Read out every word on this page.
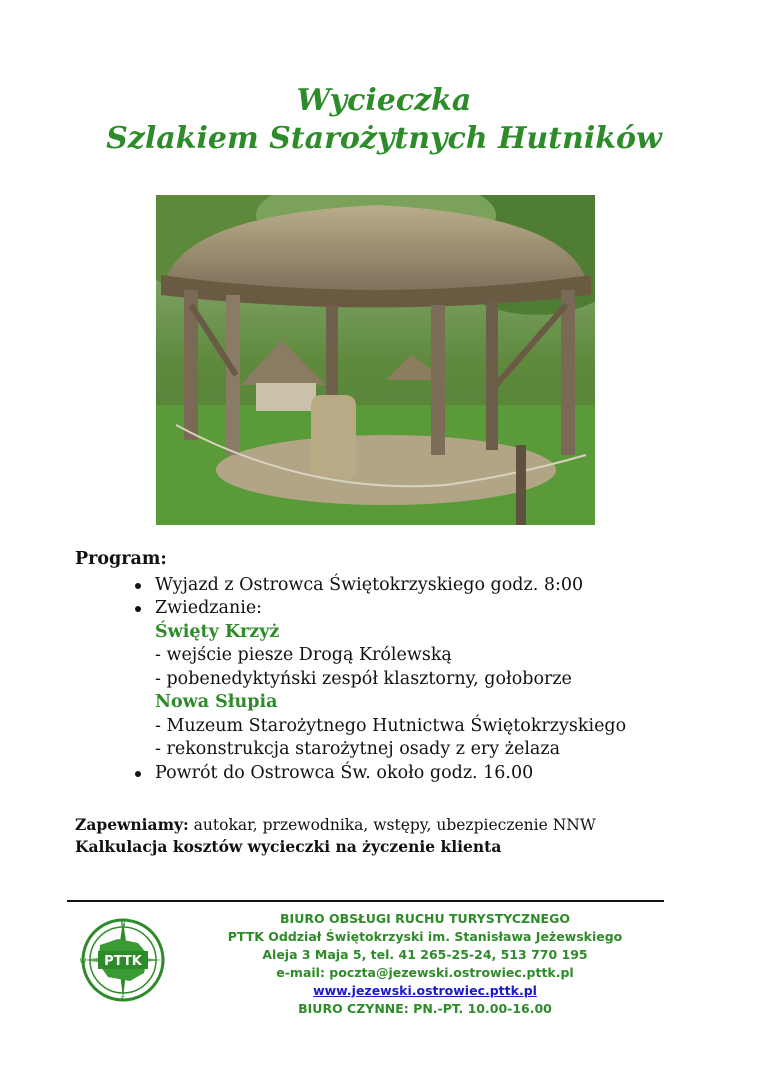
Wycieczka
Szlakiem Starożytnych Hutników
Program:
Wyjazd z Ostrowca Świętokrzyskiego godz. 8:00
Zwiedzanie:
Święty Krzyż
- wejście piesze Drogą Królewską
- pobenedyktyński zespół klasztorny, gołoborze
Nowa Słupia
- Muzeum Starożytnego Hutnictwa Świętokrzyskiego
- rekonstrukcja starożytnej osady z ery żelaza
Powrót do Ostrowca Św. około godz. 16.00
Zapewniamy: autokar, przewodnika, wstępy, ubezpieczenie NNW
Kalkulacja kosztów wycieczki na życzenie klienta
PTTK
N
S
E
W
BIURO OBSŁUGI RUCHU TURYSTYCZNEGO
PTTK Oddział Świętokrzyski im. Stanisława Jeżewskiego
Aleja 3 Maja 5, tel. 41 265-25-24, 513 770 195
e-mail: poczta@jezewski.ostrowiec.pttk.pl
www.jezewski.ostrowiec.pttk.pl
BIURO CZYNNE: PN.-PT. 10.00-16.00
